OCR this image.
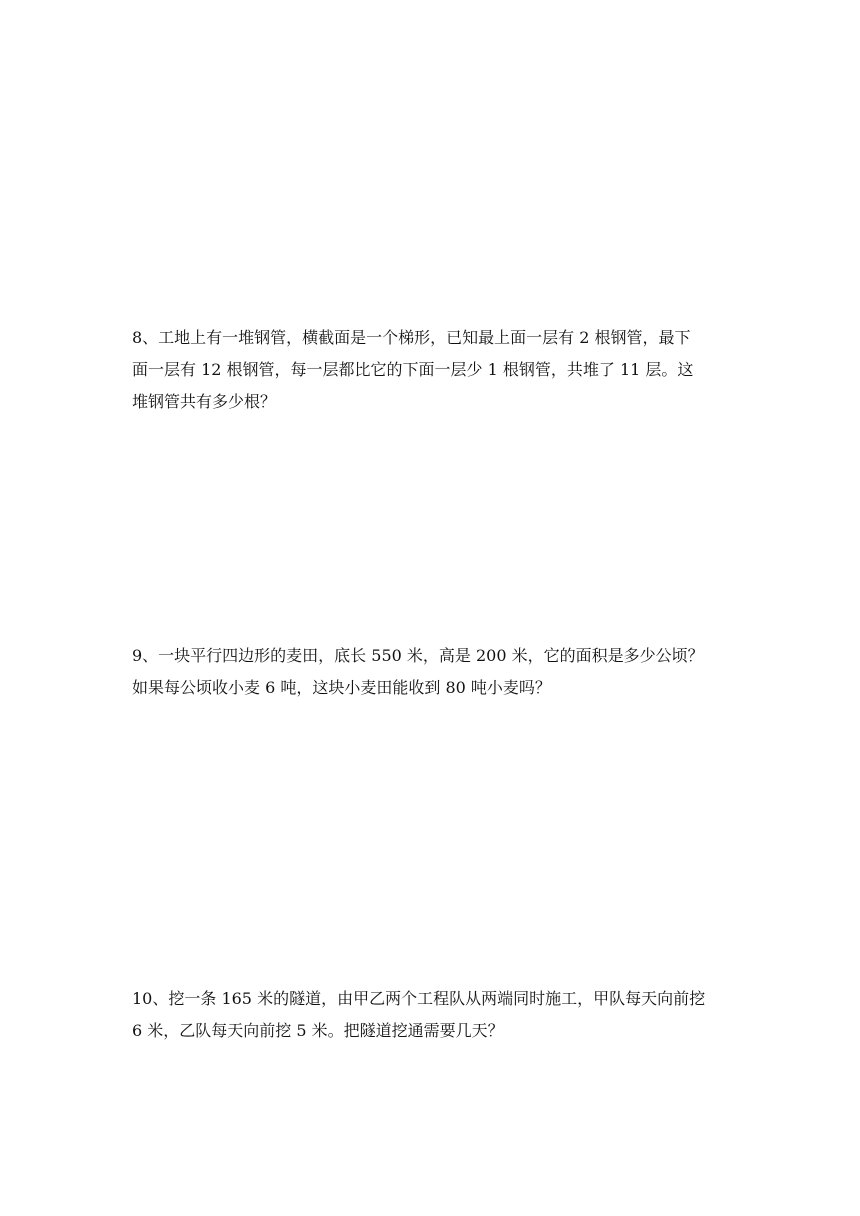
8、工地上有一堆钢管，横截面是一个梯形，已知最上面一层有 2 根钢管，最下
面一层有 12 根钢管，每一层都比它的下面一层少 1 根钢管，共堆了 11 层。这
堆钢管共有多少根？

9、一块平行四边形的麦田，底长 550 米，高是 200 米，它的面积是多少公顷？
如果每公顷收小麦 6 吨，这块小麦田能收到 80 吨小麦吗？

10、挖一条 165 米的隧道，由甲乙两个工程队从两端同时施工，甲队每天向前挖
6 米，乙队每天向前挖 5 米。把隧道挖通需要几天？
